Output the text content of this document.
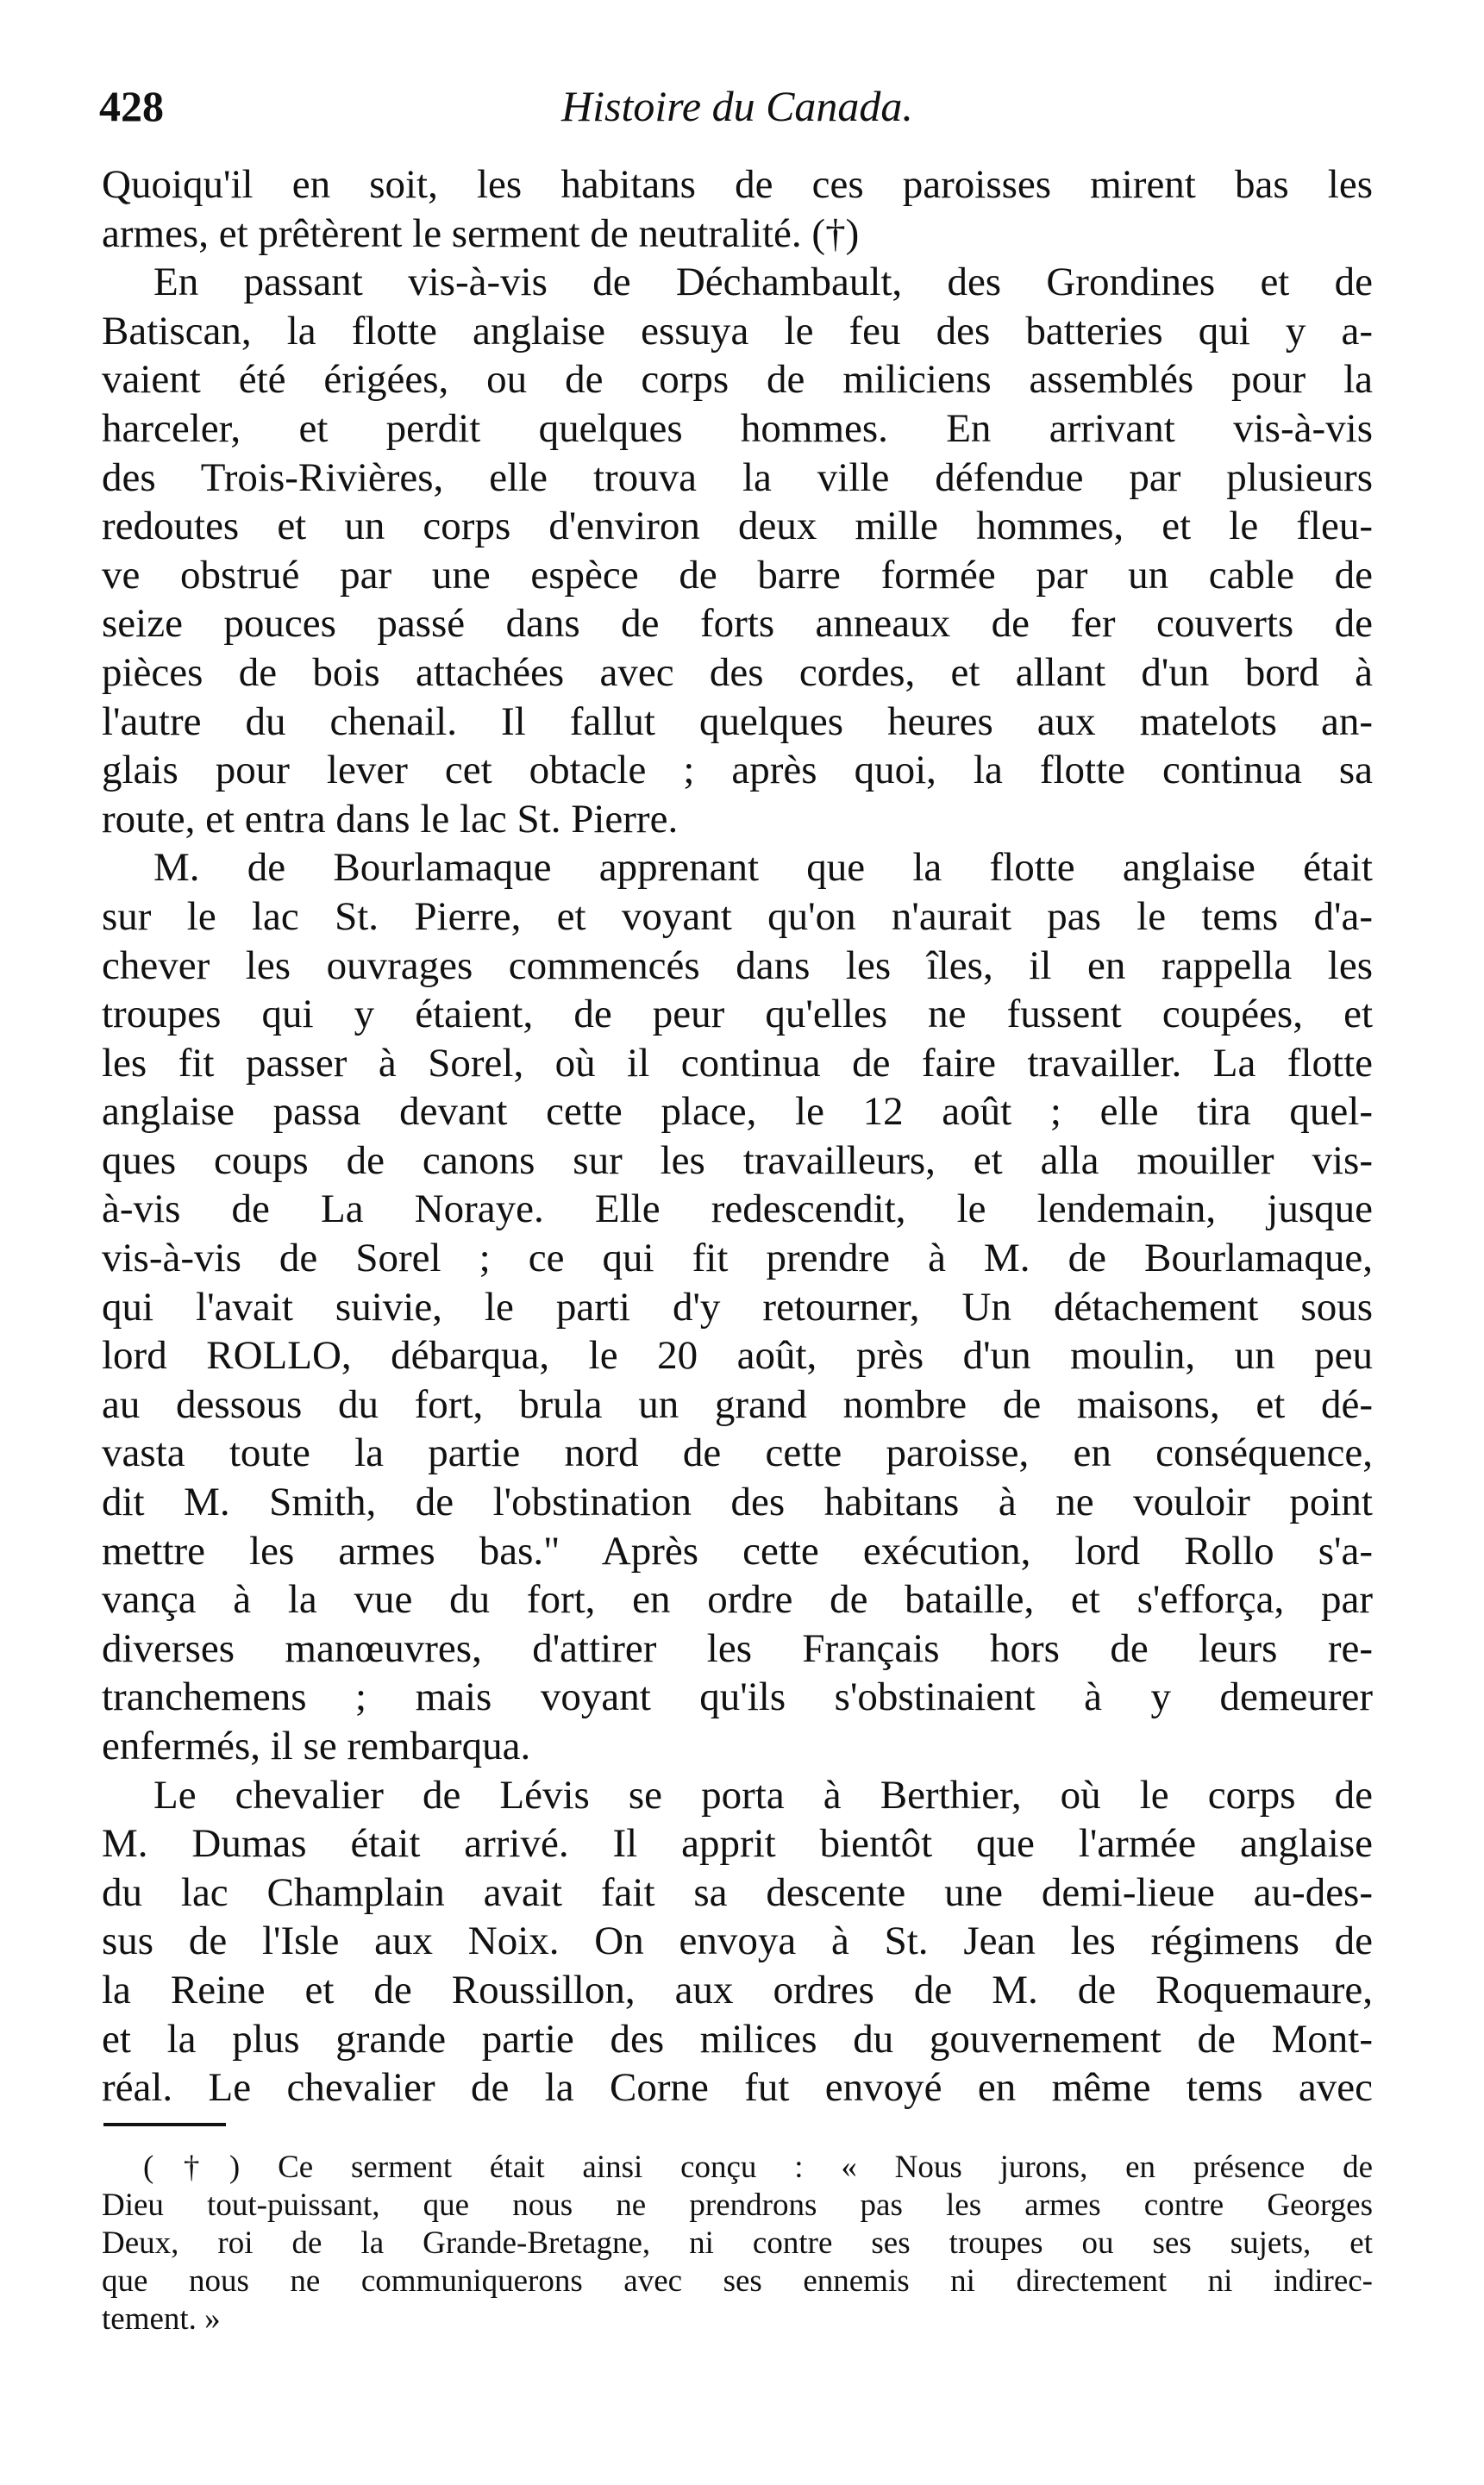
428	Histoire du Canada.
Quoiqu'il en soit, les habitans de ces paroisses mirent bas les
armes, et prêtèrent le serment de neutralité. (†)
En passant vis-à-vis de Déchambault, des Grondines et de
Batiscan, la flotte anglaise essuya le feu des batteries qui y a-
vaient été érigées, ou de corps de miliciens assemblés pour la
harceler, et perdit quelques hommes. En arrivant vis-à-vis
des Trois-Rivières, elle trouva la ville défendue par plusieurs
redoutes et un corps d'environ deux mille hommes, et le fleu-
ve obstrué par une espèce de barre formée par un cable de
seize pouces passé dans de forts anneaux de fer couverts de
pièces de bois attachées avec des cordes, et allant d'un bord à
l'autre du chenail. Il fallut quelques heures aux matelots an-
glais pour lever cet obtacle ; après quoi, la flotte continua sa
route, et entra dans le lac St. Pierre.
M. de Bourlamaque apprenant que la flotte anglaise était
sur le lac St. Pierre, et voyant qu'on n'aurait pas le tems d'a-
chever les ouvrages commencés dans les îles, il en rappella les
troupes qui y étaient, de peur qu'elles ne fussent coupées, et
les fit passer à Sorel, où il continua de faire travailler. La flotte
anglaise passa devant cette place, le 12 août ; elle tira quel-
ques coups de canons sur les travailleurs, et alla mouiller vis-
à-vis de La Noraye. Elle redescendit, le lendemain, jusque
vis-à-vis de Sorel ; ce qui fit prendre à M. de Bourlamaque,
qui l'avait suivie, le parti d'y retourner, Un détachement sous
lord ROLLO, débarqua, le 20 août, près d'un moulin, un peu
au dessous du fort, brula un grand nombre de maisons, et dé-
vasta toute la partie nord de cette paroisse, en conséquence,
dit M. Smith, de l'obstination des habitans à ne vouloir point
mettre les armes bas." Après cette exécution, lord Rollo s'a-
vança à la vue du fort, en ordre de bataille, et s'efforça, par
diverses manœuvres, d'attirer les Français hors de leurs re-
tranchemens ; mais voyant qu'ils s'obstinaient à y demeurer
enfermés, il se rembarqua.
Le chevalier de Lévis se porta à Berthier, où le corps de
M. Dumas était arrivé. Il apprit bientôt que l'armée anglaise
du lac Champlain avait fait sa descente une demi-lieue au-des-
sus de l'Isle aux Noix. On envoya à St. Jean les régimens de
la Reine et de Roussillon, aux ordres de M. de Roquemaure,
et la plus grande partie des milices du gouvernement de Mont-
réal. Le chevalier de la Corne fut envoyé en même tems avec
(†) Ce serment était ainsi conçu : « Nous jurons, en présence de
Dieu tout-puissant, que nous ne prendrons pas les armes contre Georges
Deux, roi de la Grande-Bretagne, ni contre ses troupes ou ses sujets, et
que nous ne communiquerons avec ses ennemis ni directement ni indirec-
tement. »
